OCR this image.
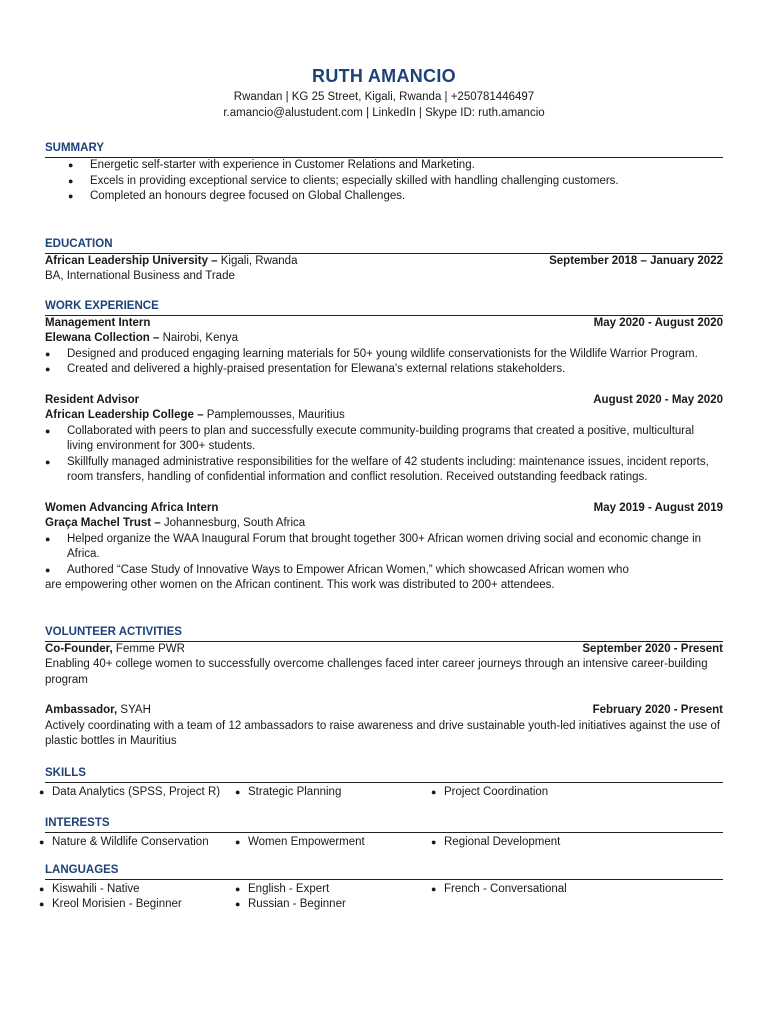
RUTH AMANCIO
Rwandan | KG 25 Street, Kigali, Rwanda | +250781446497
r.amancio@alustudent.com | LinkedIn | Skype ID: ruth.amancio
SUMMARY
● Energetic self-starter with experience in Customer Relations and Marketing.
● Excels in providing exceptional service to clients; especially skilled with handling challenging customers.
● Completed an honours degree focused on Global Challenges.
EDUCATION
African Leadership University – Kigali, Rwanda	September 2018 – January 2022
BA, International Business and Trade
WORK EXPERIENCE
Management Intern	May 2020 - August 2020
Elewana Collection – Nairobi, Kenya
● Designed and produced engaging learning materials for 50+ young wildlife conservationists for the Wildlife Warrior Program.
● Created and delivered a highly-praised presentation for Elewana's external relations stakeholders.
Resident Advisor	August 2020 - May 2020
African Leadership College – Pamplemousses, Mauritius
● Collaborated with peers to plan and successfully execute community-building programs that created a positive, multicultural living environment for 300+ students.
● Skillfully managed administrative responsibilities for the welfare of 42 students including: maintenance issues, incident reports, room transfers, handling of confidential information and conflict resolution. Received outstanding feedback ratings.
Women Advancing Africa Intern	May 2019 - August 2019
Graça Machel Trust – Johannesburg, South Africa
● Helped organize the WAA Inaugural Forum that brought together 300+ African women driving social and economic change in Africa.
● Authored “Case Study of Innovative Ways to Empower African Women,” which showcased African women who
are empowering other women on the African continent. This work was distributed to 200+ attendees.
VOLUNTEER ACTIVITIES
Co-Founder, Femme PWR	September 2020 - Present
Enabling 40+ college women to successfully overcome challenges faced inter career journeys through an intensive career-building program
Ambassador, SYAH	February 2020 - Present
Actively coordinating with a team of 12 ambassadors to raise awareness and drive sustainable youth-led initiatives against the use of plastic bottles in Mauritius
SKILLS
● Data Analytics (SPSS, Project R)	● Strategic Planning	● Project Coordination
INTERESTS
● Nature & Wildlife Conservation	● Women Empowerment	● Regional Development
LANGUAGES
● Kiswahili - Native	● English - Expert	● French - Conversational
● Kreol Morisien - Beginner	● Russian - Beginner
